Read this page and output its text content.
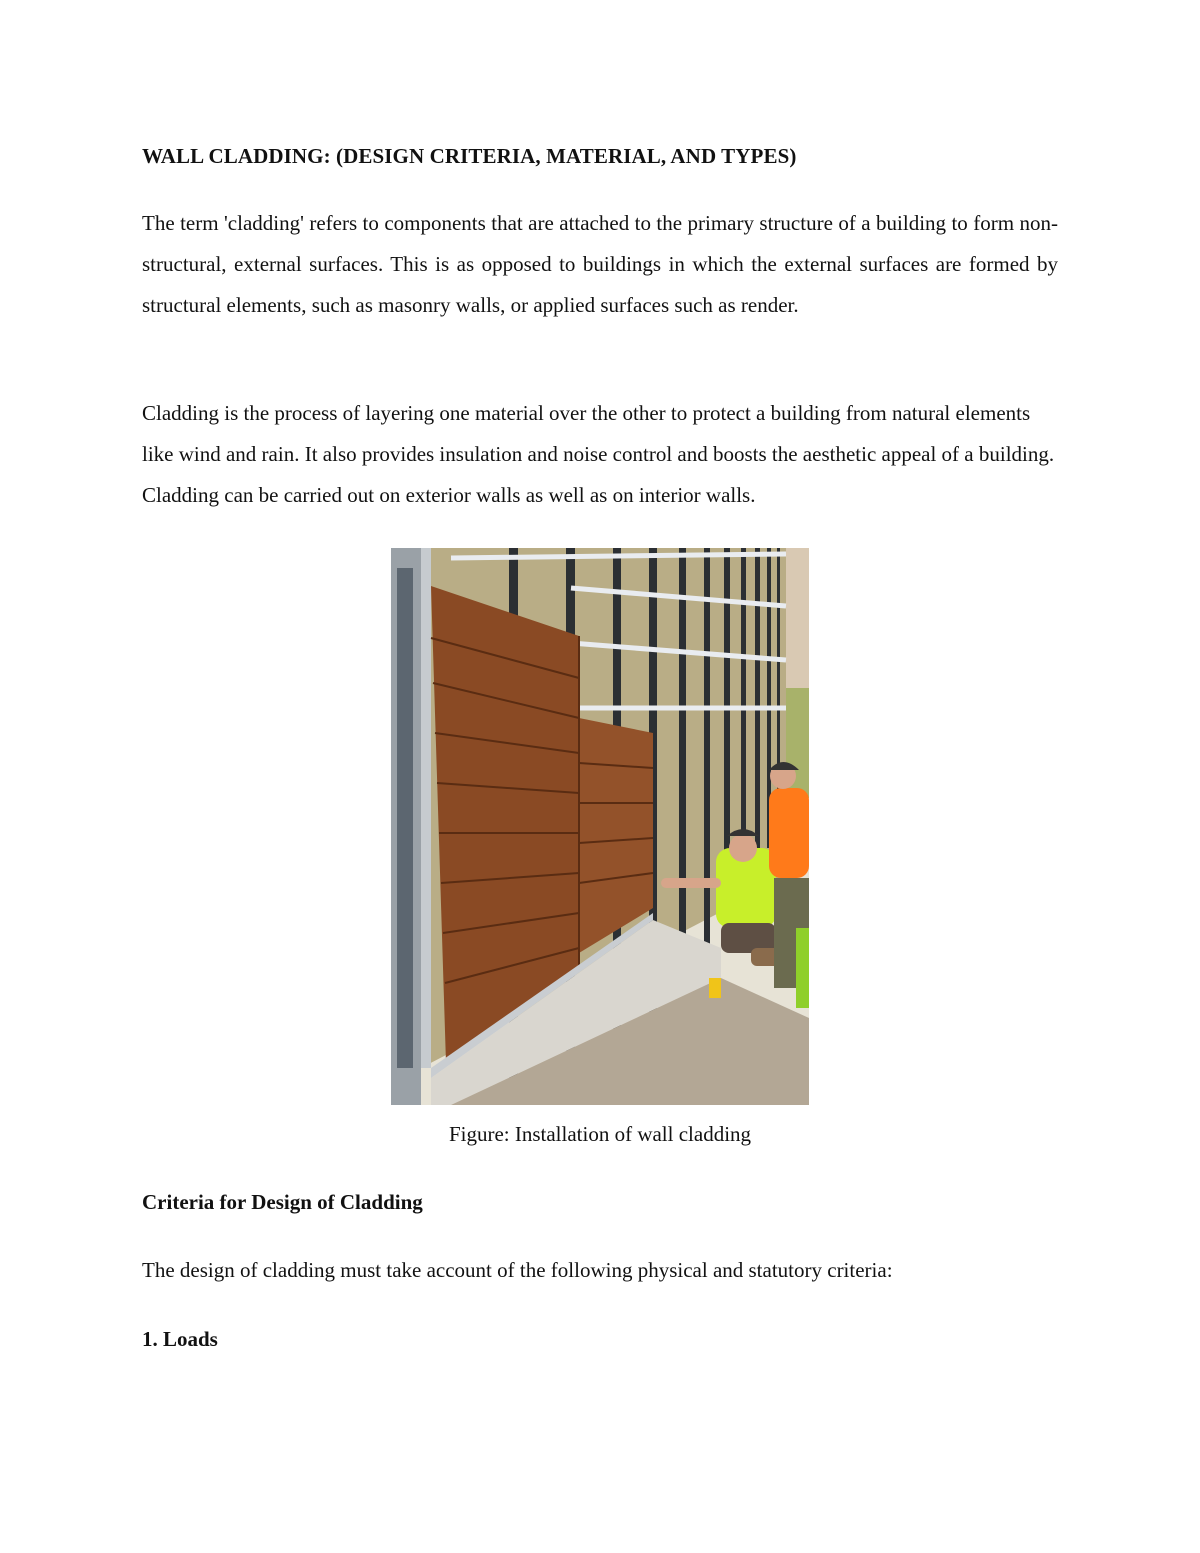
WALL CLADDING: (DESIGN CRITERIA, MATERIAL, AND TYPES)

The term 'cladding' refers to components that are attached to the primary structure of a building to form non-structural, external surfaces. This is as opposed to buildings in which the external surfaces are formed by structural elements, such as masonry walls, or applied surfaces such as render.

Cladding is the process of layering one material over the other to protect a building from natural elements like wind and rain. It also provides insulation and noise control and boosts the aesthetic appeal of a building. Cladding can be carried out on exterior walls as well as on interior walls.

Figure: Installation of wall cladding
Criteria for Design of Cladding
The design of cladding must take account of the following physical and statutory criteria:
1. Loads
